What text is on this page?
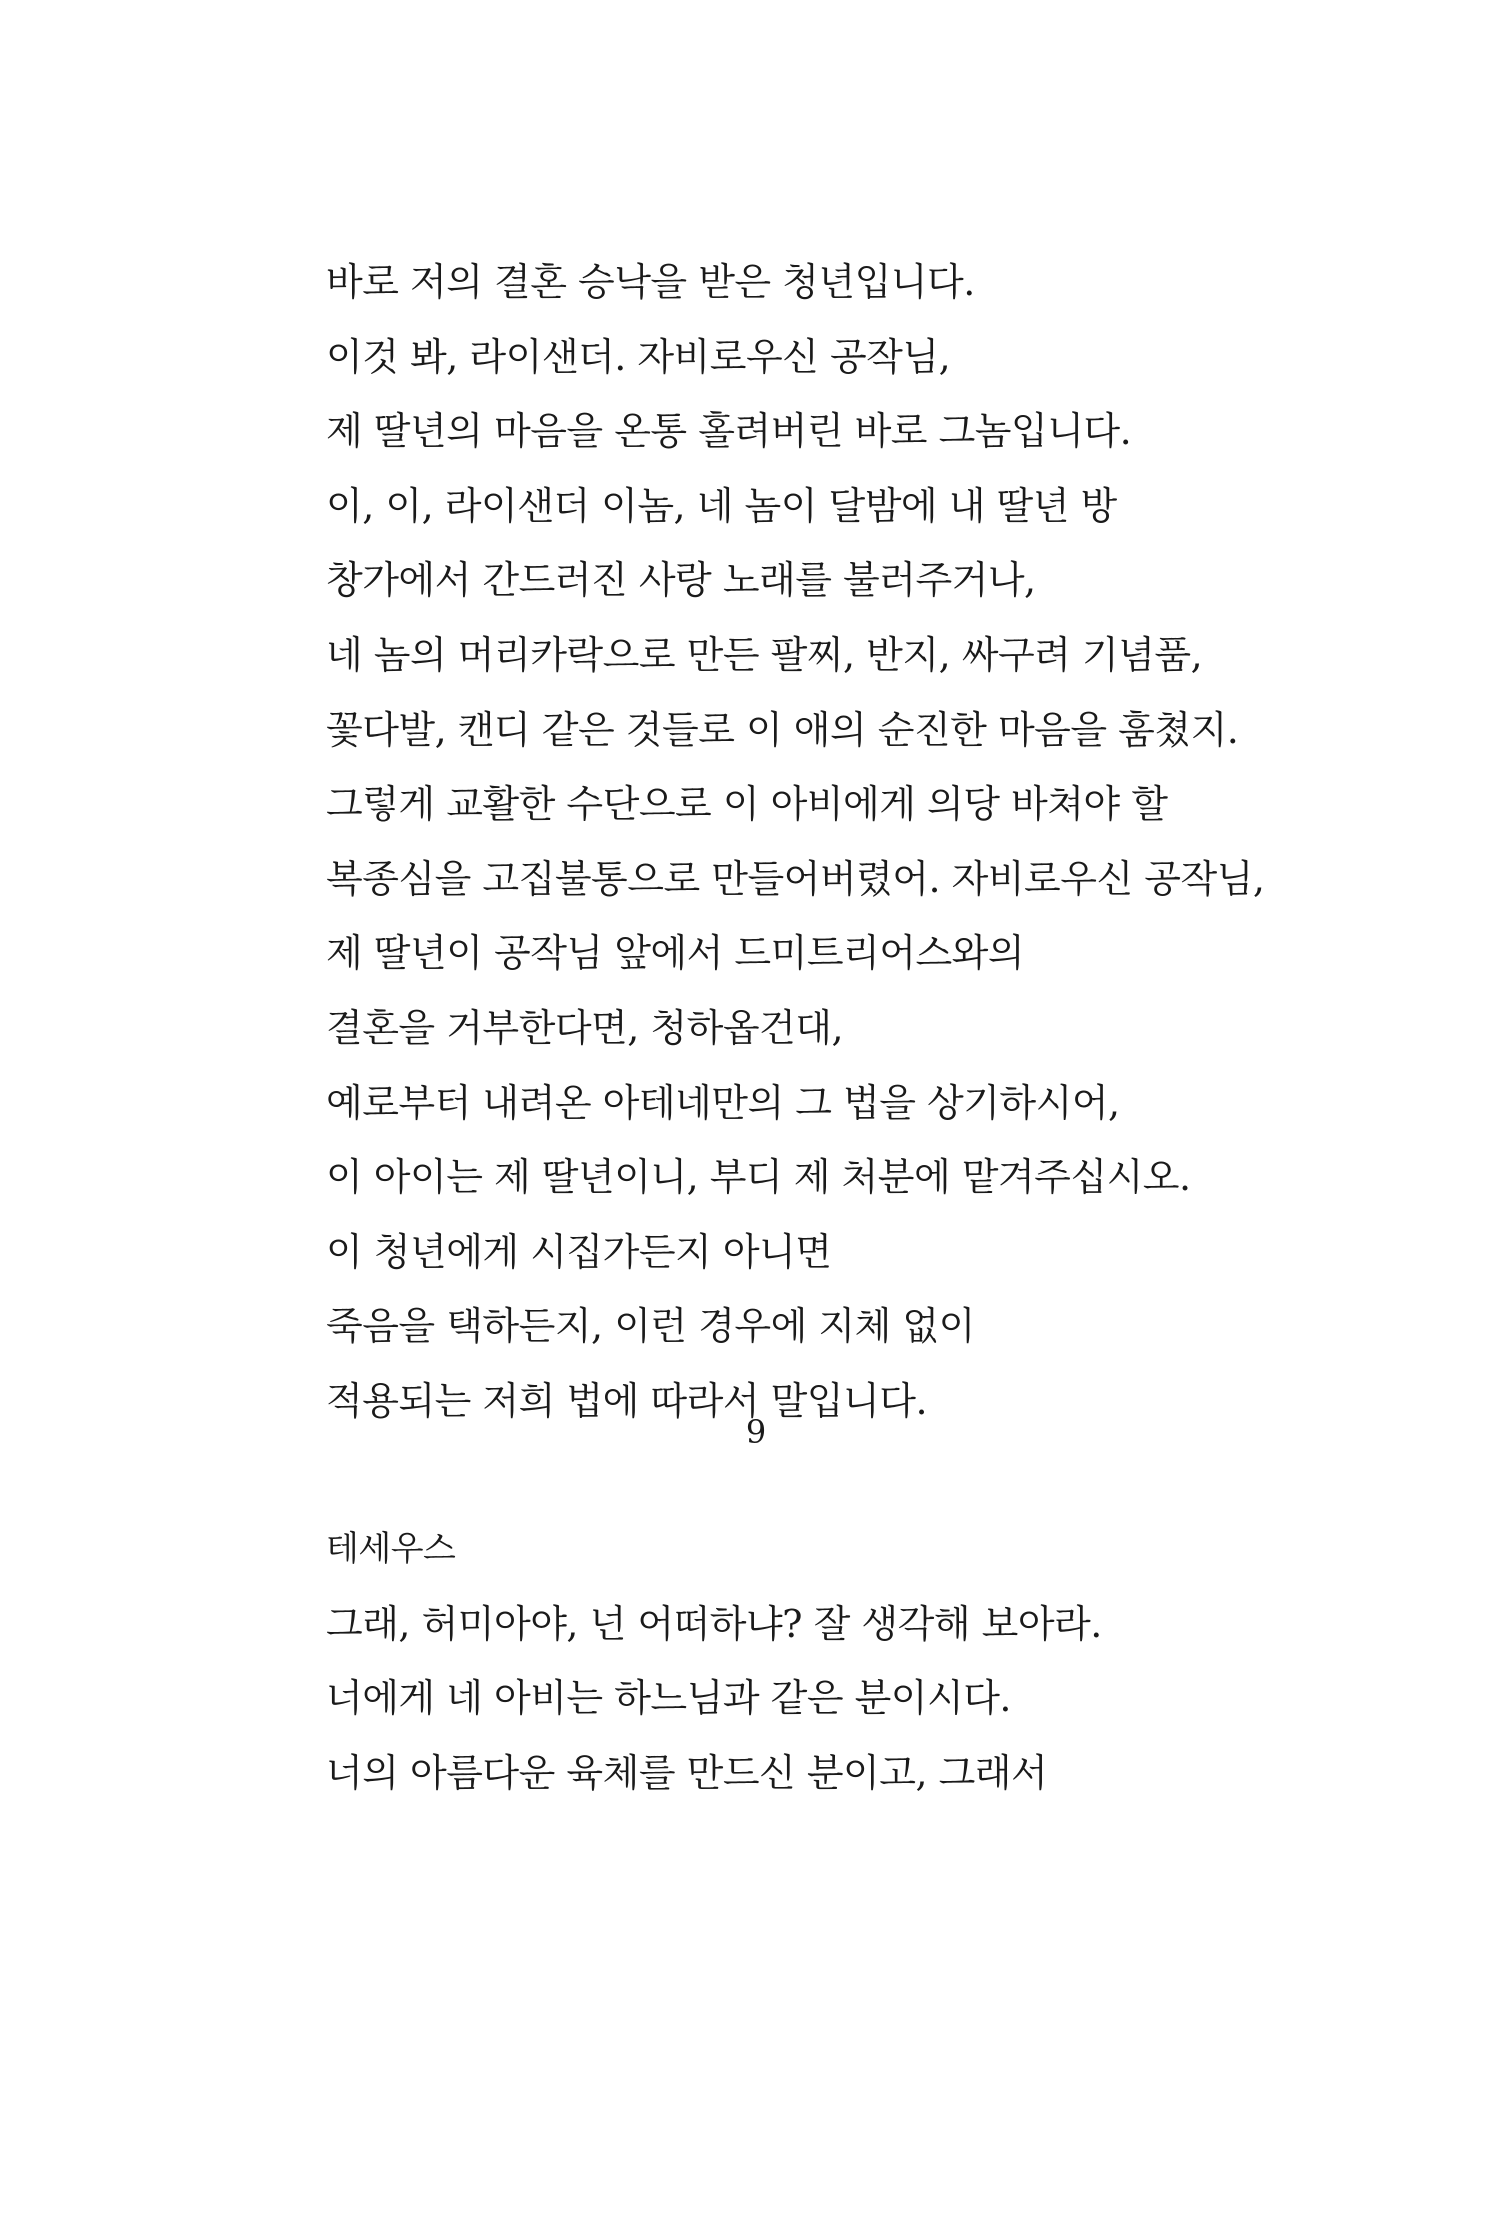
바로 저의 결혼 승낙을 받은 청년입니다.
이것 봐, 라이샌더. 자비로우신 공작님,
제 딸년의 마음을 온통 홀려버린 바로 그놈입니다.
이, 이, 라이샌더 이놈, 네 놈이 달밤에 내 딸년 방
창가에서 간드러진 사랑 노래를 불러주거나,
네 놈의 머리카락으로 만든 팔찌, 반지, 싸구려 기념품,
꽃다발, 캔디 같은 것들로 이 애의 순진한 마음을 훔쳤지.
그렇게 교활한 수단으로 이 아비에게 의당 바쳐야 할
복종심을 고집불통으로 만들어버렸어. 자비로우신 공작님,
제 딸년이 공작님 앞에서 드미트리어스와의
결혼을 거부한다면, 청하옵건대,
예로부터 내려온 아테네만의 그 법을 상기하시어,
이 아이는 제 딸년이니, 부디 제 처분에 맡겨주십시오.
이 청년에게 시집가든지 아니면
죽음을 택하든지, 이런 경우에 지체 없이
적용되는 저희 법에 따라서 말입니다.
테세우스
그래, 허미아야, 넌 어떠하냐? 잘 생각해 보아라.
너에게 네 아비는 하느님과 같은 분이시다.
너의 아름다운 육체를 만드신 분이고, 그래서
9
